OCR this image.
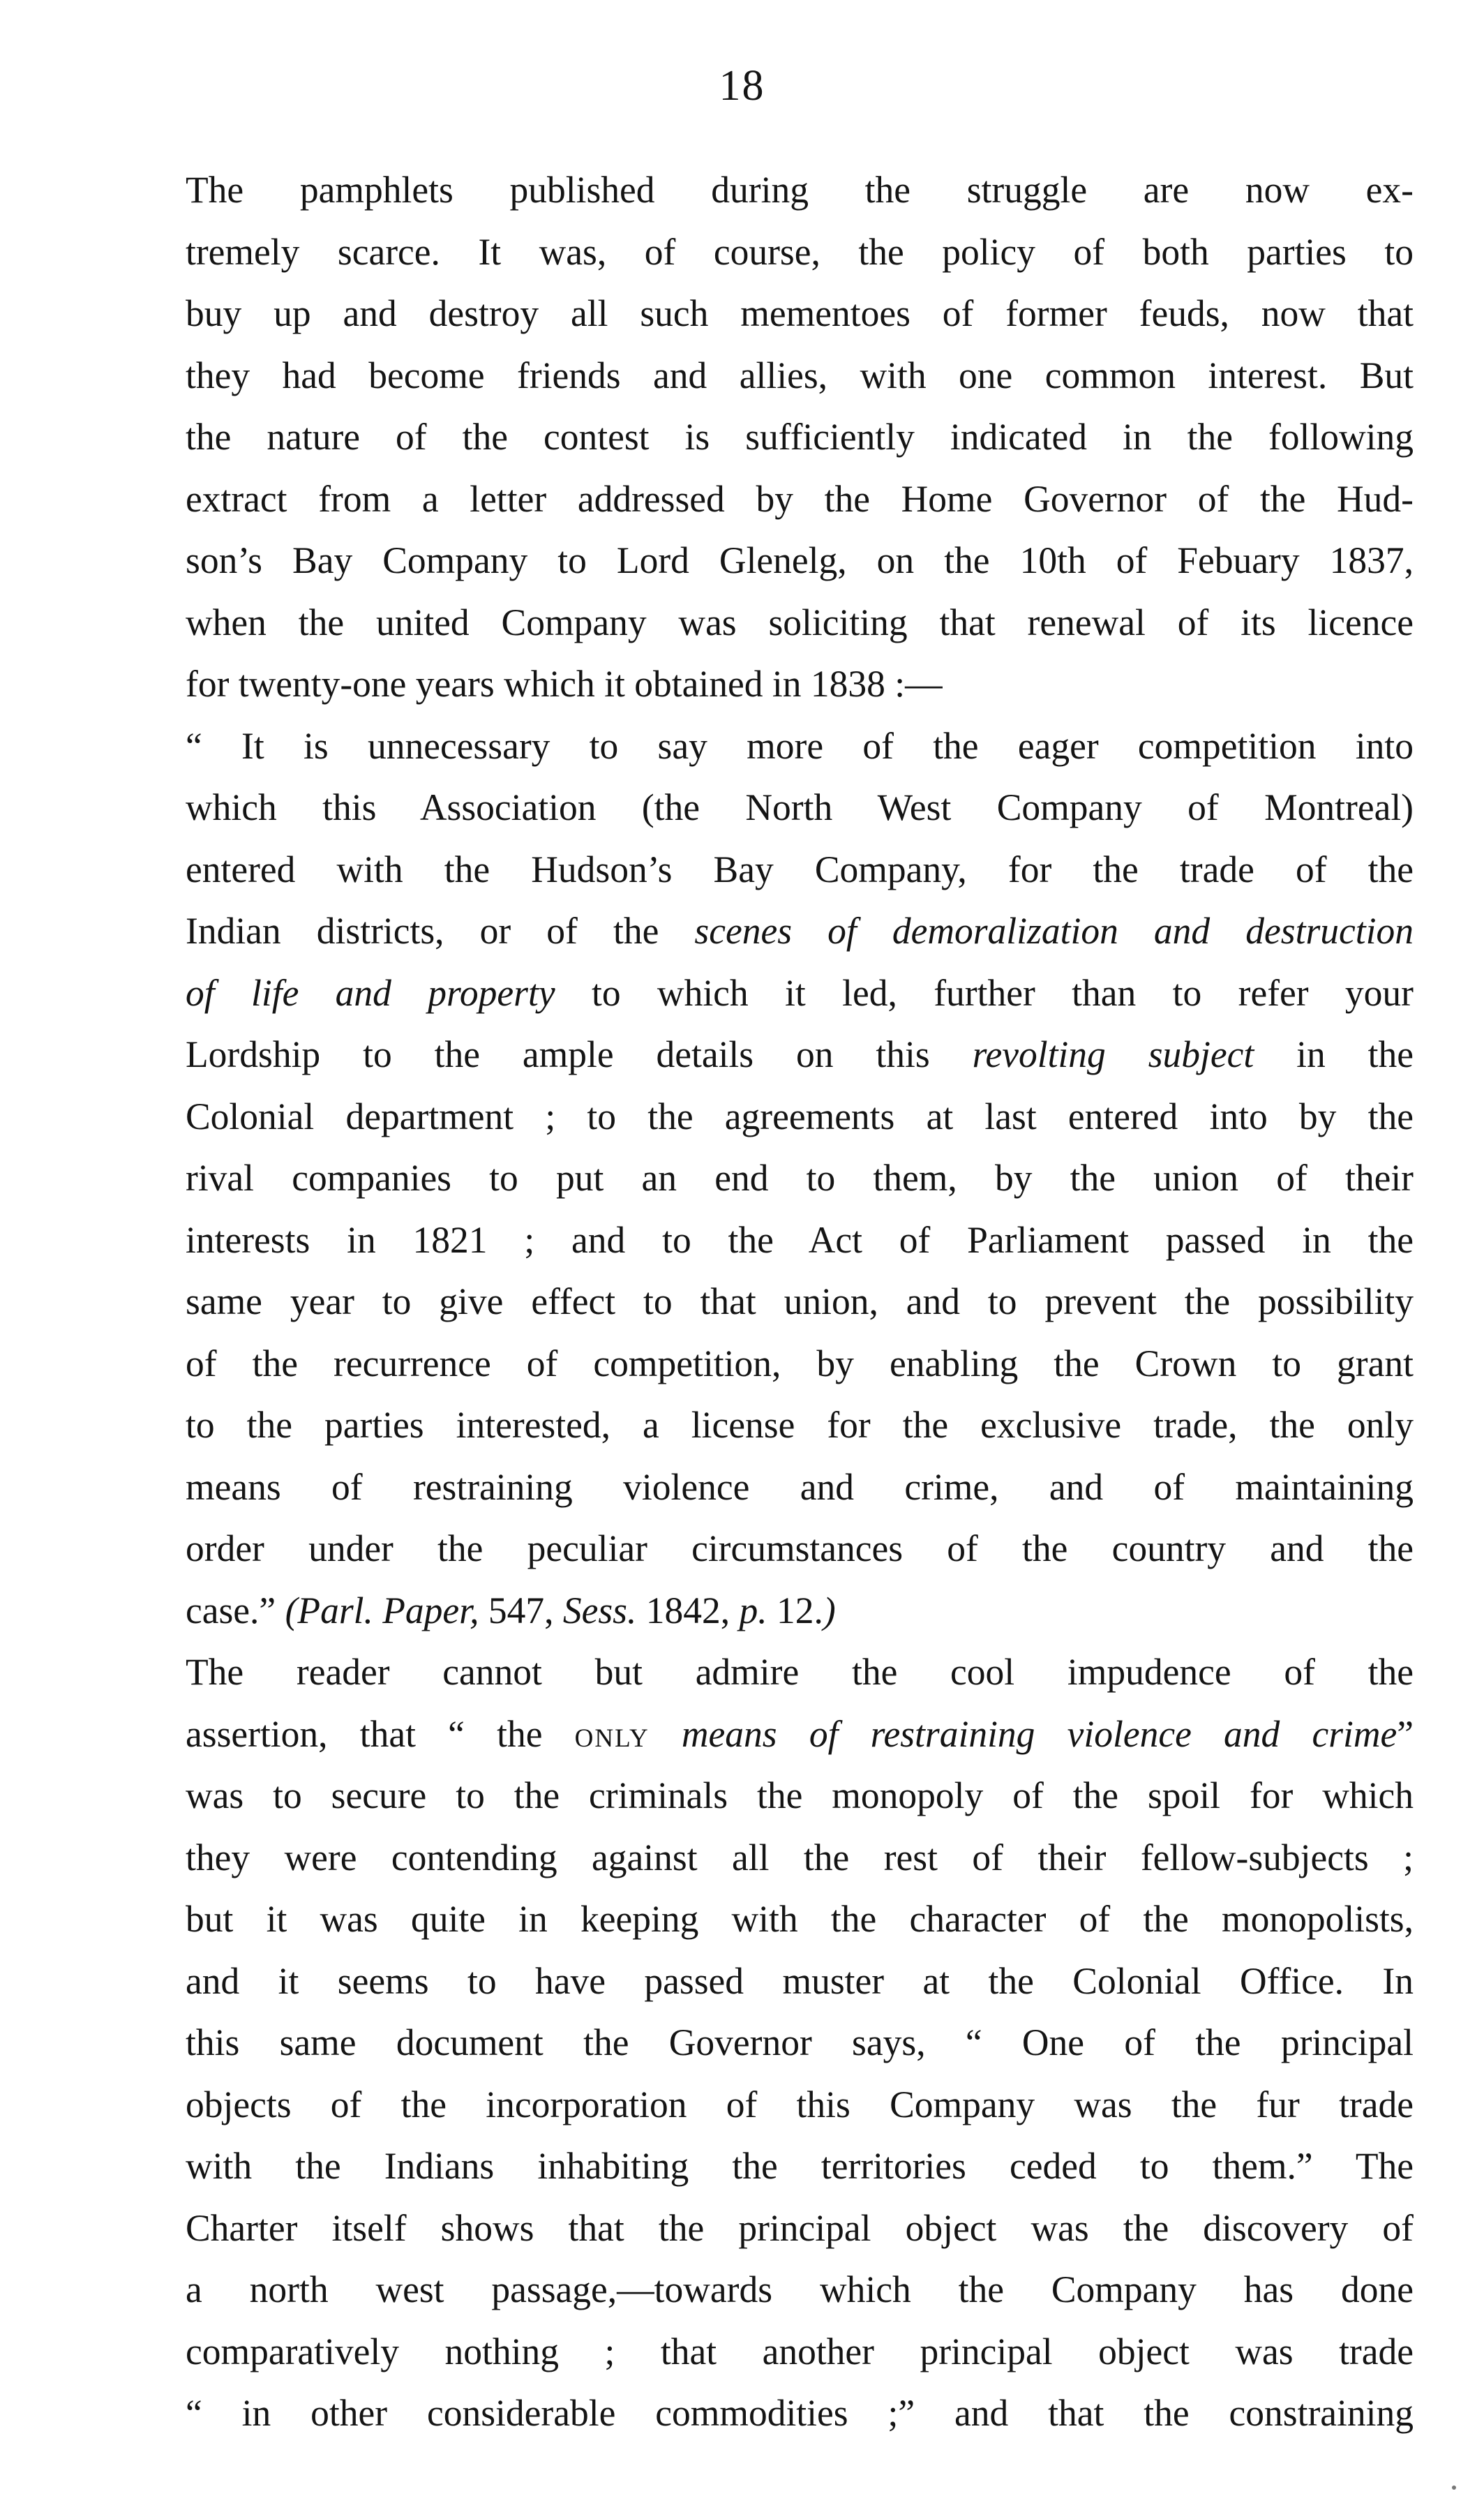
18

The pamphlets published during the struggle are now ex-
tremely scarce. It was, of course, the policy of both parties to
buy up and destroy all such mementoes of former feuds, now that
they had become friends and allies, with one common interest. But
the nature of the contest is sufficiently indicated in the following
extract from a letter addressed by the Home Governor of the Hud-
son’s Bay Company to Lord Glenelg, on the 10th of Febuary 1837,
when the united Company was soliciting that renewal of its licence
for twenty-one years which it obtained in 1838 :—

“ It is unnecessary to say more of the eager competition into
which this Association (the North West Company of Montreal)
entered with the Hudson’s Bay Company, for the trade of the
Indian districts, or of the scenes of demoralization and destruction
of life and property to which it led, further than to refer your
Lordship to the ample details on this revolting subject in the
Colonial department ; to the agreements at last entered into by the
rival companies to put an end to them, by the union of their
interests in 1821 ; and to the Act of Parliament passed in the
same year to give effect to that union, and to prevent the possibility
of the recurrence of competition, by enabling the Crown to grant
to the parties interested, a license for the exclusive trade, the only
means of restraining violence and crime, and of maintaining
order under the peculiar circumstances of the country and the
case.” (Parl. Paper, 547, Sess. 1842, p. 12.)

The reader cannot but admire the cool impudence of the
assertion, that “ the only means of restraining violence and crime”
was to secure to the criminals the monopoly of the spoil for which
they were contending against all the rest of their fellow-subjects ;
but it was quite in keeping with the character of the monopolists,
and it seems to have passed muster at the Colonial Office. In
this same document the Governor says, “ One of the principal
objects of the incorporation of this Company was the fur trade
with the Indians inhabiting the territories ceded to them.” The
Charter itself shows that the principal object was the discovery of
a north west passage,—towards which the Company has done
comparatively nothing ; that another principal object was trade
“ in other considerable commodities ;” and that the constraining
